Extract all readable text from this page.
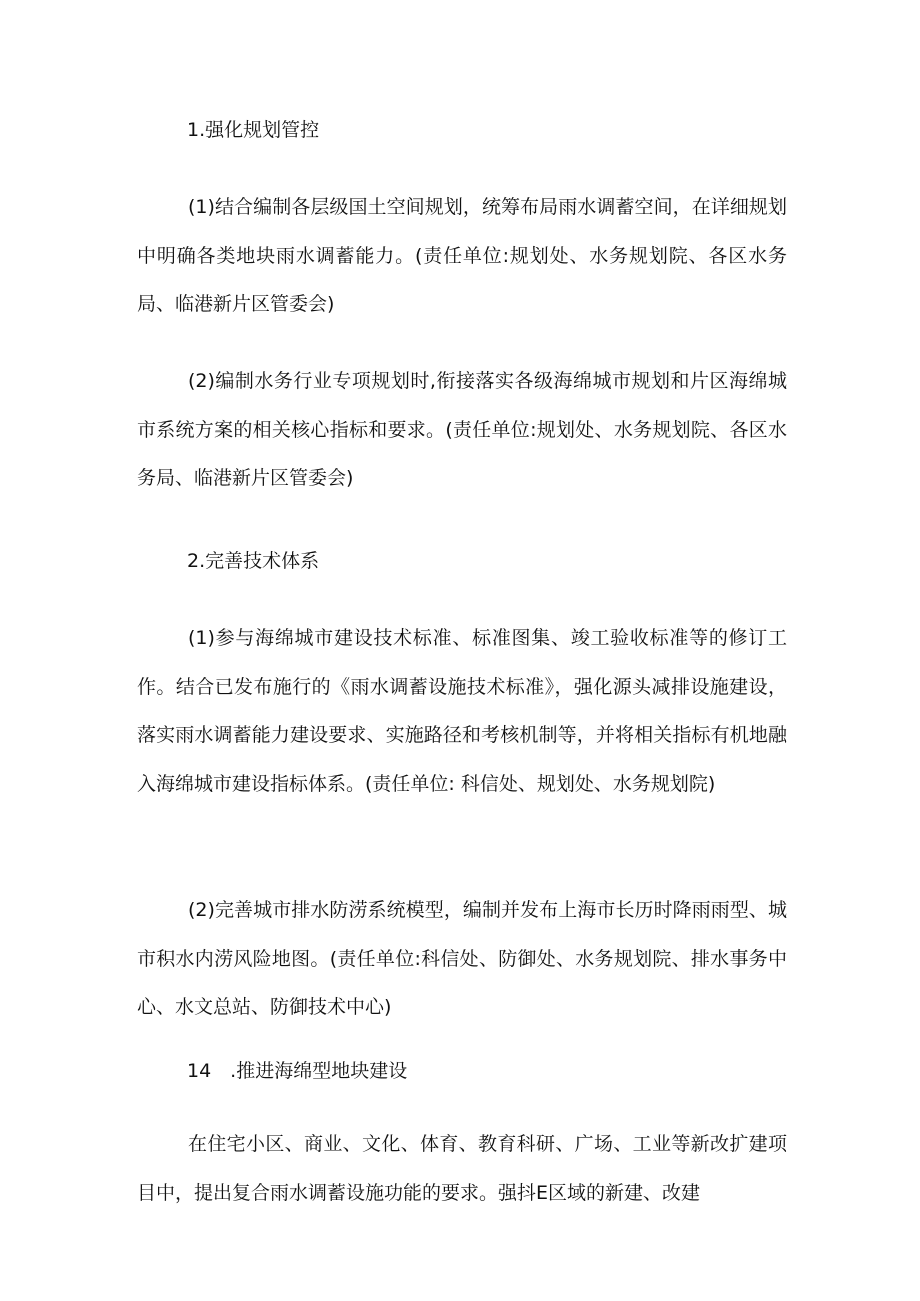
1.强化规划管控

(1)结合编制各层级国土空间规划，统筹布局雨水调蓄空间，在详细规划中明确各类地块雨水调蓄能力。(责任单位:规划处、水务规划院、各区水务局、临港新片区管委会)

(2)编制水务行业专项规划时,衔接落实各级海绵城市规划和片区海绵城市系统方案的相关核心指标和要求。(责任单位:规划处、水务规划院、各区水务局、临港新片区管委会)

2.完善技术体系

(1)参与海绵城市建设技术标准、标准图集、竣工验收标准等的修订工作。结合已发布施行的《雨水调蓄设施技术标准》，强化源头减排设施建设，落实雨水调蓄能力建设要求、实施路径和考核机制等，并将相关指标有机地融入海绵城市建设指标体系。(责任单位: 科信处、规划处、水务规划院)

(2)完善城市排水防涝系统模型，编制并发布上海市长历时降雨雨型、城市积水内涝风险地图。(责任单位:科信处、防御处、水务规划院、排水事务中心、水文总站、防御技术中心)

14　.推进海绵型地块建设

在住宅小区、商业、文化、体育、教育科研、广场、工业等新改扩建项目中，提出复合雨水调蓄设施功能的要求。强抖E区域的新建、改建
